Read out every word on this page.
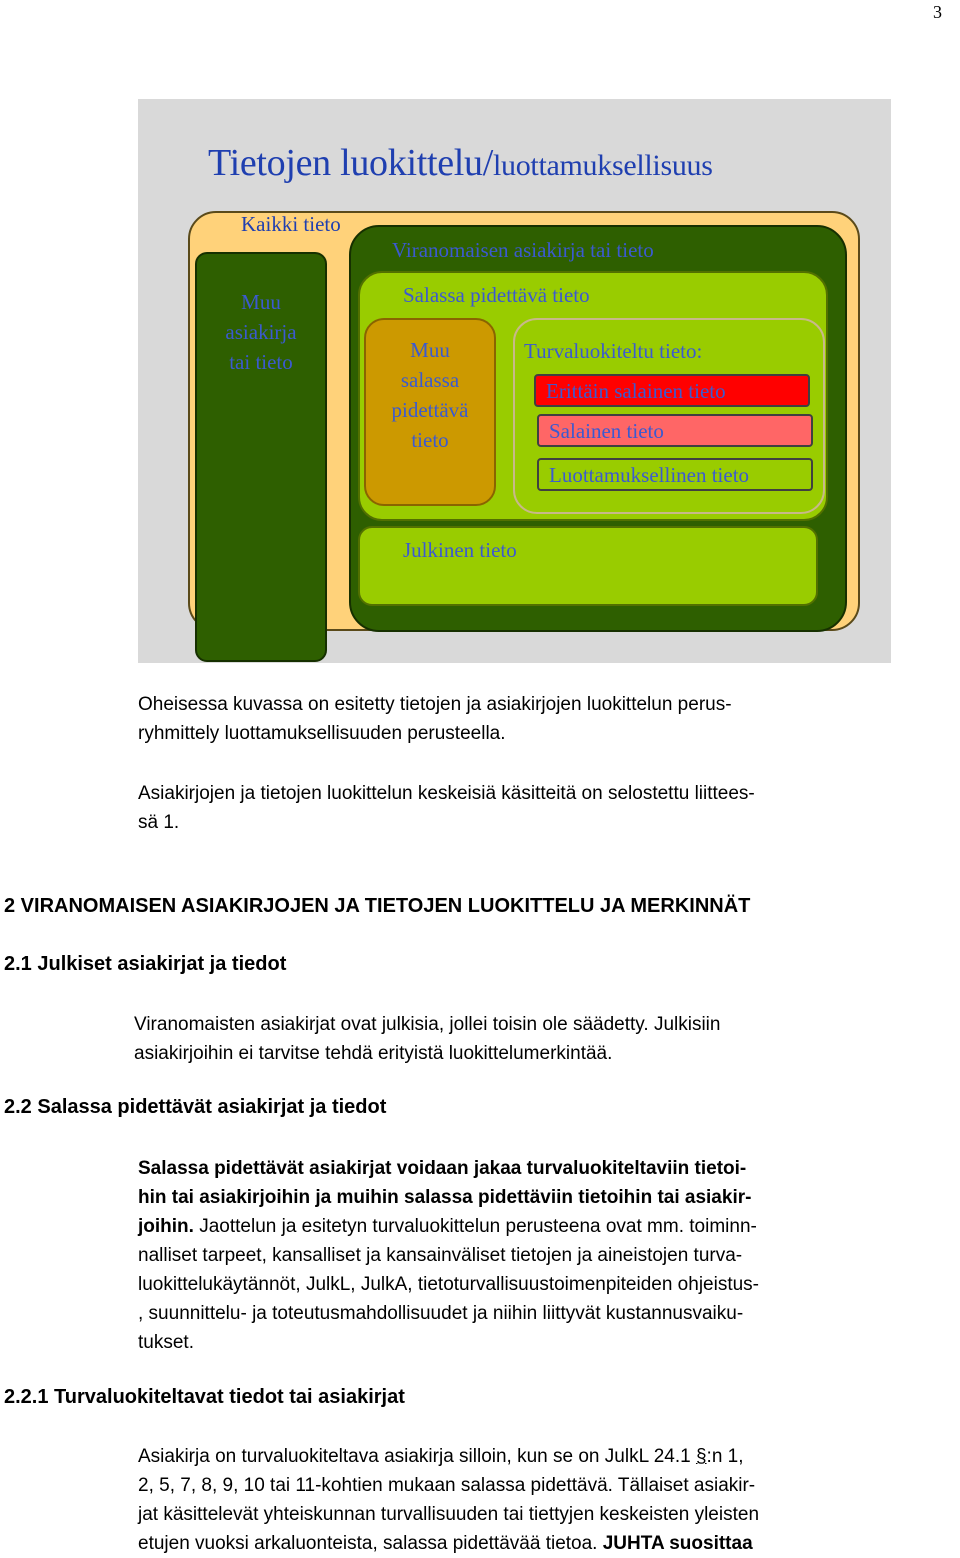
3
Tietojen luokittelu/luottamuksellisuus
Kaikki tieto
Muu
asiakirja
tai tieto
Viranomaisen asiakirja tai tieto
Salassa pidettävä tieto
Muu
salassa
pidettävä
tieto
Turvaluokiteltu tieto:
Erittäin salainen tieto
Salainen tieto
Luottamuksellinen tieto
Julkinen tieto
Oheisessa kuvassa on esitetty tietojen ja asiakirjojen luokittelun perus-
ryhmittely luottamuksellisuuden perusteella.
Asiakirjojen ja tietojen luokittelun keskeisiä käsitteitä on selostettu liittees-
sä 1.
2 VIRANOMAISEN ASIAKIRJOJEN JA TIETOJEN LUOKITTELU JA MERKINNÄT
2.1 Julkiset asiakirjat ja tiedot
Viranomaisten asiakirjat ovat julkisia, jollei toisin ole säädetty. Julkisiin
asiakirjoihin ei tarvitse tehdä erityistä luokittelumerkintää.
2.2 Salassa pidettävät asiakirjat ja tiedot
Salassa pidettävät asiakirjat voidaan jakaa turvaluokiteltaviin tietoi-
hin tai asiakirjoihin ja muihin salassa pidettäviin tietoihin tai asiakir-
joihin. Jaottelun ja esitetyn turvaluokittelun perusteena ovat mm. toiminn-
nalliset tarpeet, kansalliset ja kansainväliset tietojen ja aineistojen turva-
luokittelukäytännöt, JulkL, JulkA, tietoturvallisuustoimenpiteiden ohjeistus-
, suunnittelu- ja toteutusmahdollisuudet ja niihin liittyvät kustannusvaiku-
tukset.
2.2.1 Turvaluokiteltavat tiedot tai asiakirjat
Asiakirja on turvaluokiteltava asiakirja silloin, kun se on JulkL 24.1 §:n 1,
2, 5, 7, 8, 9, 10 tai 11-kohtien mukaan salassa pidettävä. Tällaiset asiakir-
jat käsittelevät yhteiskunnan turvallisuuden tai tiettyjen keskeisten yleisten
etujen vuoksi arkaluonteista, salassa pidettävää tietoa. JUHTA suosittaa
